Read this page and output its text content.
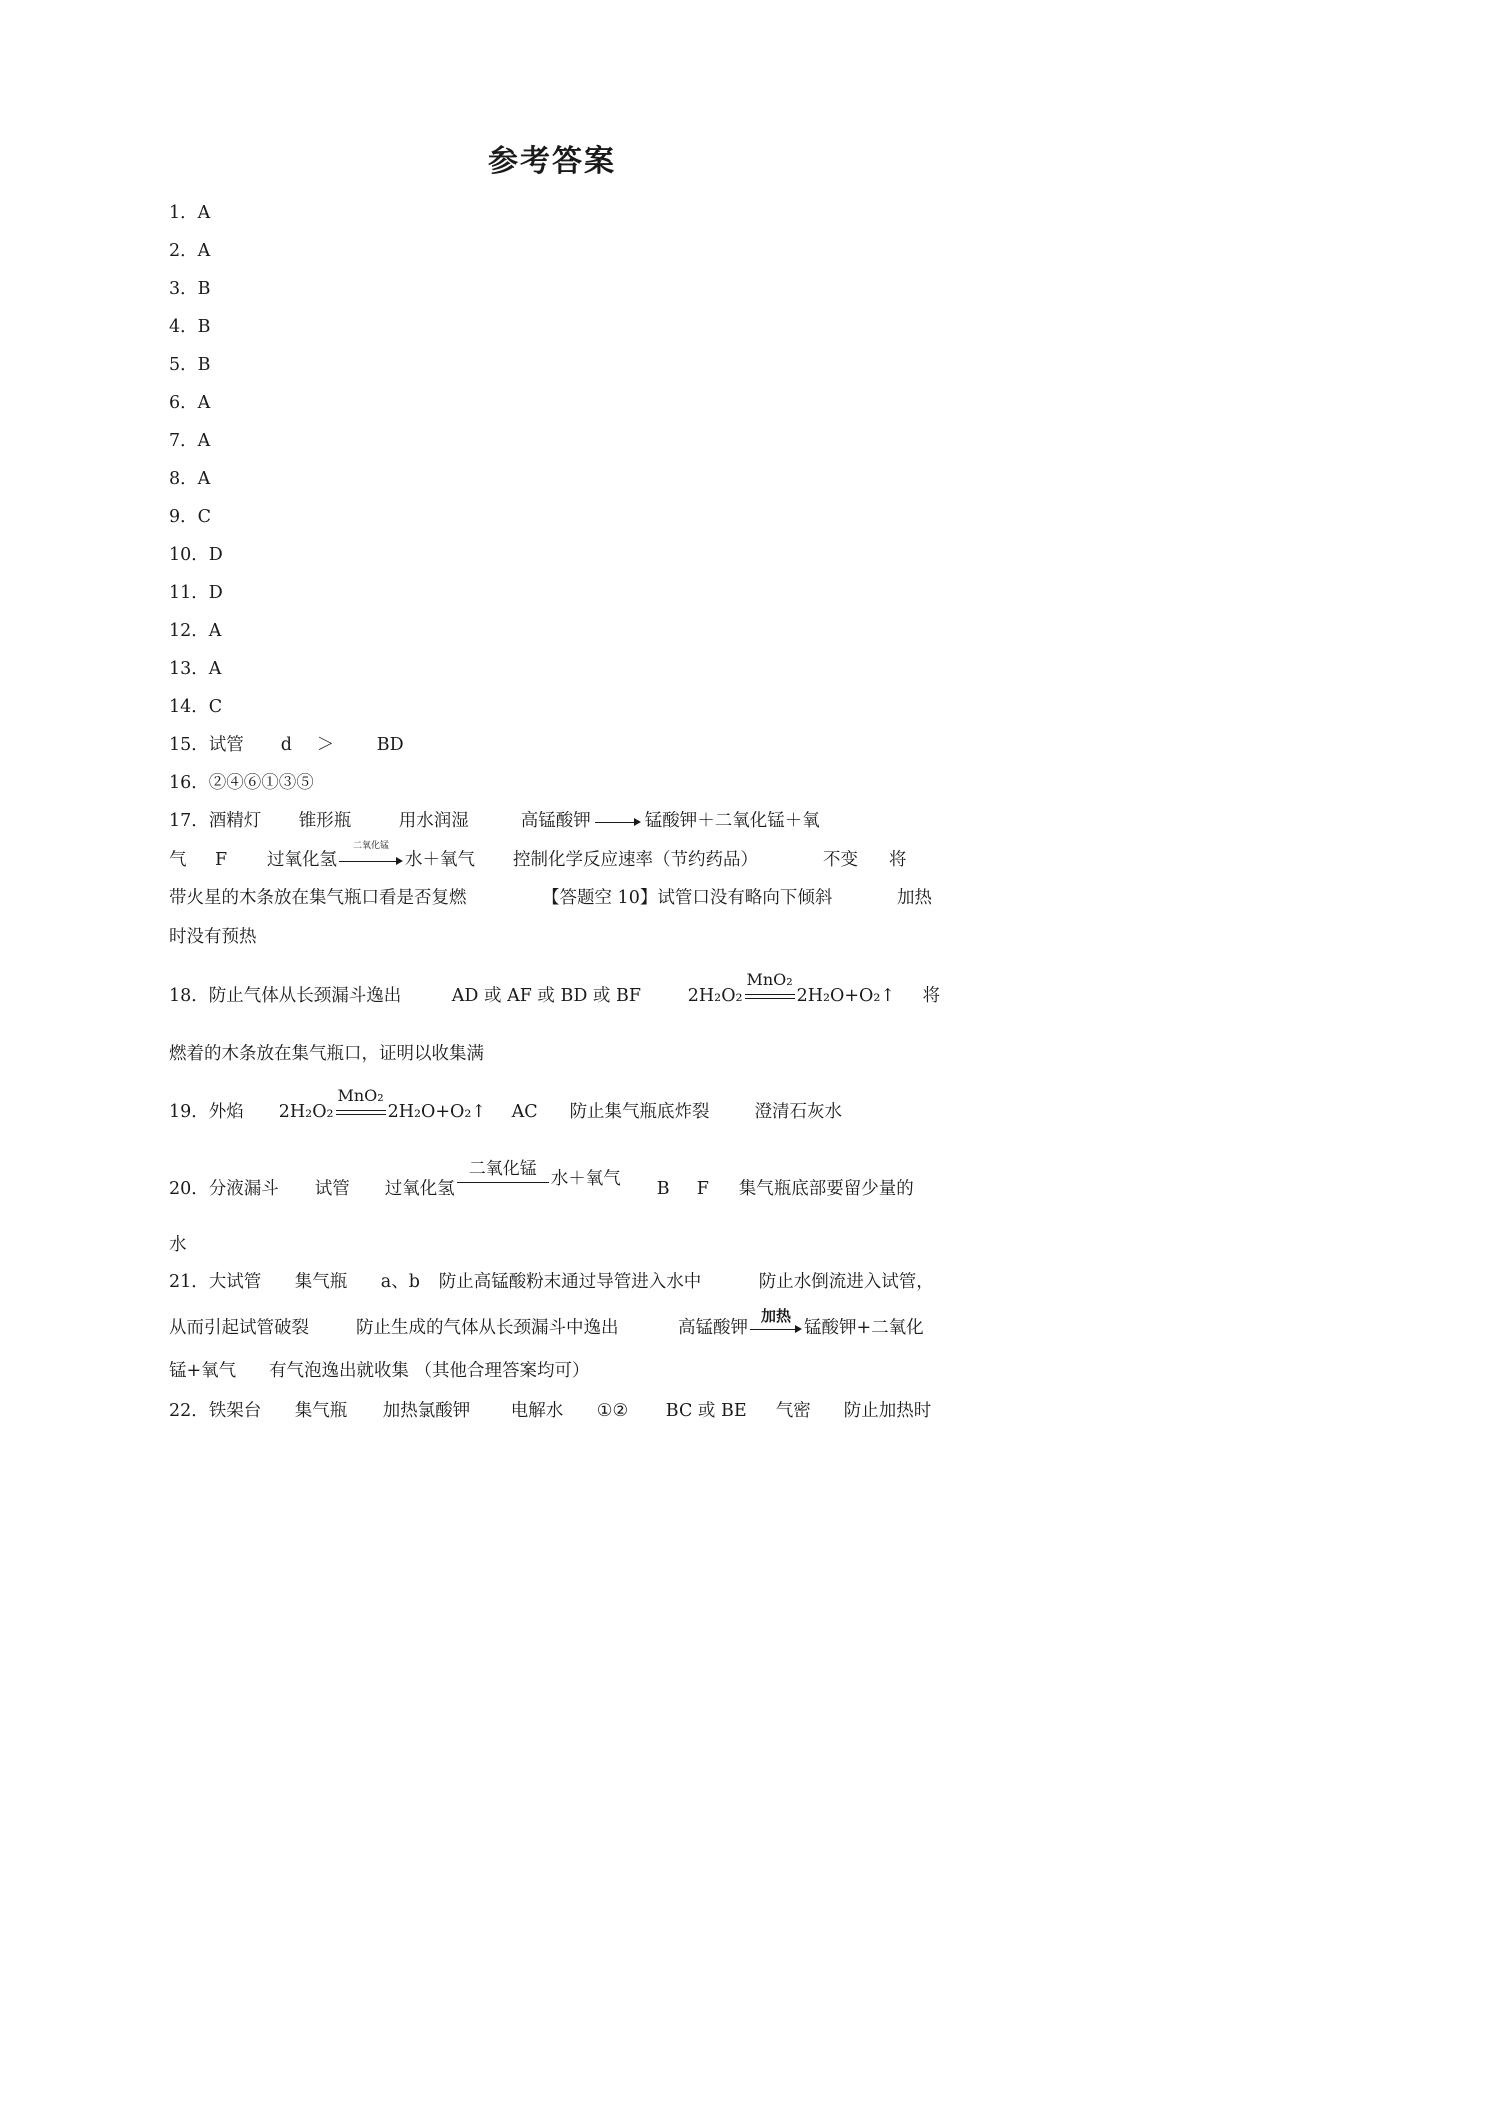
参考答案
1．A
2．A
3．B
4．B
5．B
6．A
7．A
8．A
9．C
10．D
11．D
12．A
13．A
14．C
15．试管 d ＞ BD
16．②④⑥①③⑤
17．酒精灯 锥形瓶	用水润湿	高锰酸钾	锰酸钾＋二氧化锰＋氧
气 F 过氧化氢
二氧化锰
水＋氧气 控制化学反应速率（节约药品）	不变 将
带火星的木条放在集气瓶口看是否复燃	【答题空 10】试管口没有略向下倾斜	加热
时没有预热
18．防止气体从长颈漏斗逸出	AD 或 AF 或 BD 或 BF	2H₂O₂
MnO₂
2H₂O+O₂↑ 将
燃着的木条放在集气瓶口，证明以收集满
19．外焰 2H₂O₂
MnO₂
2H₂O+O₂↑ AC 防止集气瓶底炸裂	澄清石灰水
20．分液漏斗 试管 过氧化氢
二氧化锰 水＋氧气 B F 集气瓶底部要留少量的
水
21．大试管 集气瓶 a、b 防止高锰酸粉末通过导管进入水中	防止水倒流进入试管，
从而引起试管破裂	防止生成的气体从长颈漏斗中逸出	高锰酸钾
加热
锰酸钾+二氧化
锰+氧气 有气泡逸出就收集 （其他合理答案均可）
22．铁架台 集气瓶 加热氯酸钾 电解水 ①② BC 或 BE 气密 防止加热时
